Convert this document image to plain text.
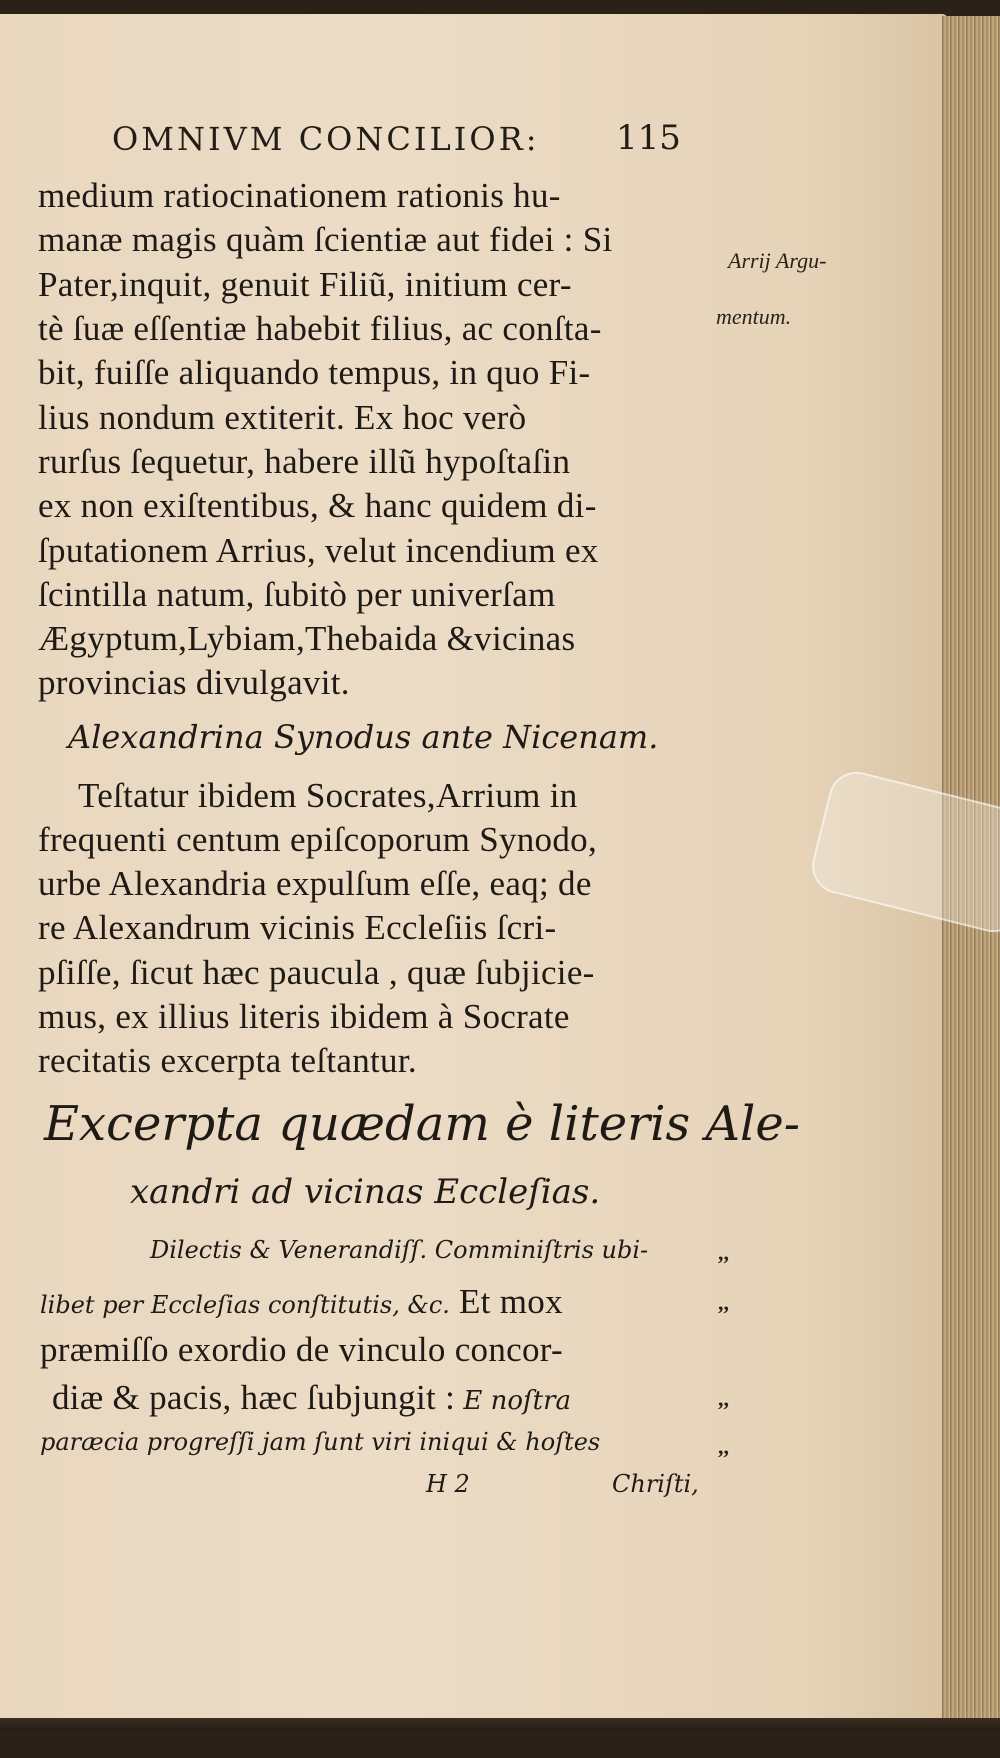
OMNIVM CONCILIOR: 115
medium ratiocinationem rationis hu-
manæ magis quàm ſcientiæ aut fidei : Si
Pater,inquit, genuit Filiũ, initium cer-
tè ſuæ eſſentiæ habebit filius, ac conſta-
bit, fuiſſe aliquando tempus, in quo Fi-
lius nondum extiterit. Ex hoc verò
rurſus ſequetur, habere illũ hypoſtaſin
ex non exiſtentibus, & hanc quidem di-
ſputationem Arrius, velut incendium ex
ſcintilla natum, ſubitò per univerſam
Ægyptum,Lybiam,Thebaida &vicinas
provincias divulgavit.
Arrij Argu-
mentum.
Alexandrina Synodus ante Nicenam.
Teſtatur ibidem Socrates,Arrium in
frequenti centum epiſcoporum Synodo,
urbe Alexandria expulſum eſſe, eaq; de
re Alexandrum vicinis Eccleſiis ſcri-
pſiſſe, ſicut hæc paucula , quæ ſubjicie-
mus, ex illius literis ibidem à Socrate
recitatis excerpta teſtantur.
Excerpta quædam è literis Ale-
xandri ad vicinas Eccleſias.
Dilectis & Venerandiſſ. Comminiſtris ubi-	,,
libet per Eccleſias conſtitutis, &c. Et mox	,,
præmiſſo exordio de vinculo concor-
diæ & pacis, hæc ſubjungit : E noſtra	,,
paræcia progreſſi jam ſunt viri iniqui & hoſtes	,,
H 2	Chriſti,
